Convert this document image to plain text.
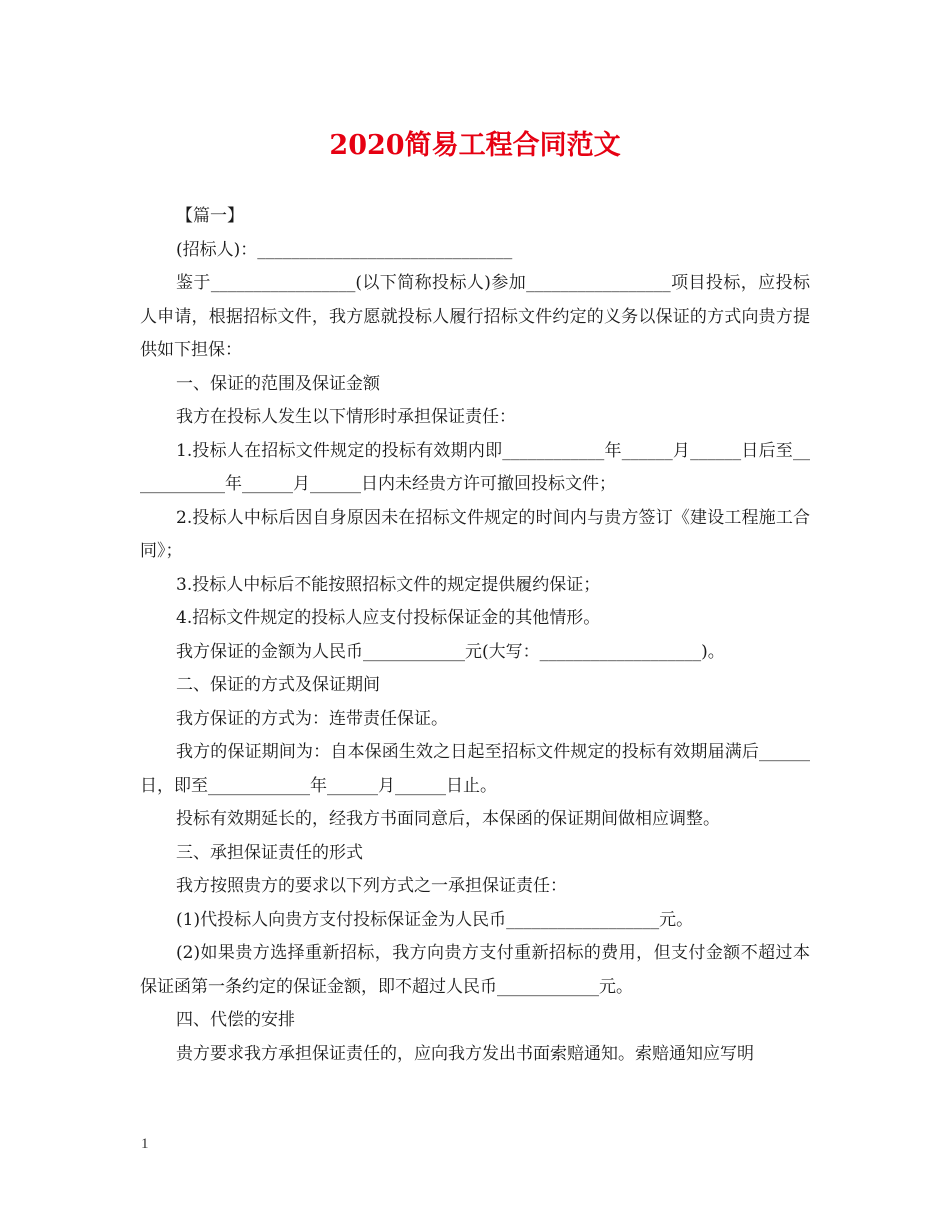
2020简易工程合同范文

【篇一】

(招标人)：______________________________

鉴于_________________(以下简称投标人)参加_________________项目投标，应投标人申请，根据招标文件，我方愿就投标人履行招标文件约定的义务以保证的方式向贵方提供如下担保：

一、保证的范围及保证金额

我方在投标人发生以下情形时承担保证责任：

1.投标人在招标文件规定的投标有效期内即____________年______月______日后至____________年______月______日内未经贵方许可撤回投标文件；

2.投标人中标后因自身原因未在招标文件规定的时间内与贵方签订《建设工程施工合同》；

3.投标人中标后不能按照招标文件的规定提供履约保证；

4.招标文件规定的投标人应支付投标保证金的其他情形。

我方保证的金额为人民币____________元(大写：___________________)。

二、保证的方式及保证期间

我方保证的方式为：连带责任保证。

我方的保证期间为：自本保函生效之日起至招标文件规定的投标有效期届满后______日，即至____________年______月______日止。

投标有效期延长的，经我方书面同意后，本保函的保证期间做相应调整。

三、承担保证责任的形式

我方按照贵方的要求以下列方式之一承担保证责任：

(1)代投标人向贵方支付投标保证金为人民币__________________元。

(2)如果贵方选择重新招标，我方向贵方支付重新招标的费用，但支付金额不超过本保证函第一条约定的保证金额，即不超过人民币____________元。

四、代偿的安排

贵方要求我方承担保证责任的，应向我方发出书面索赔通知。索赔通知应写明

1
